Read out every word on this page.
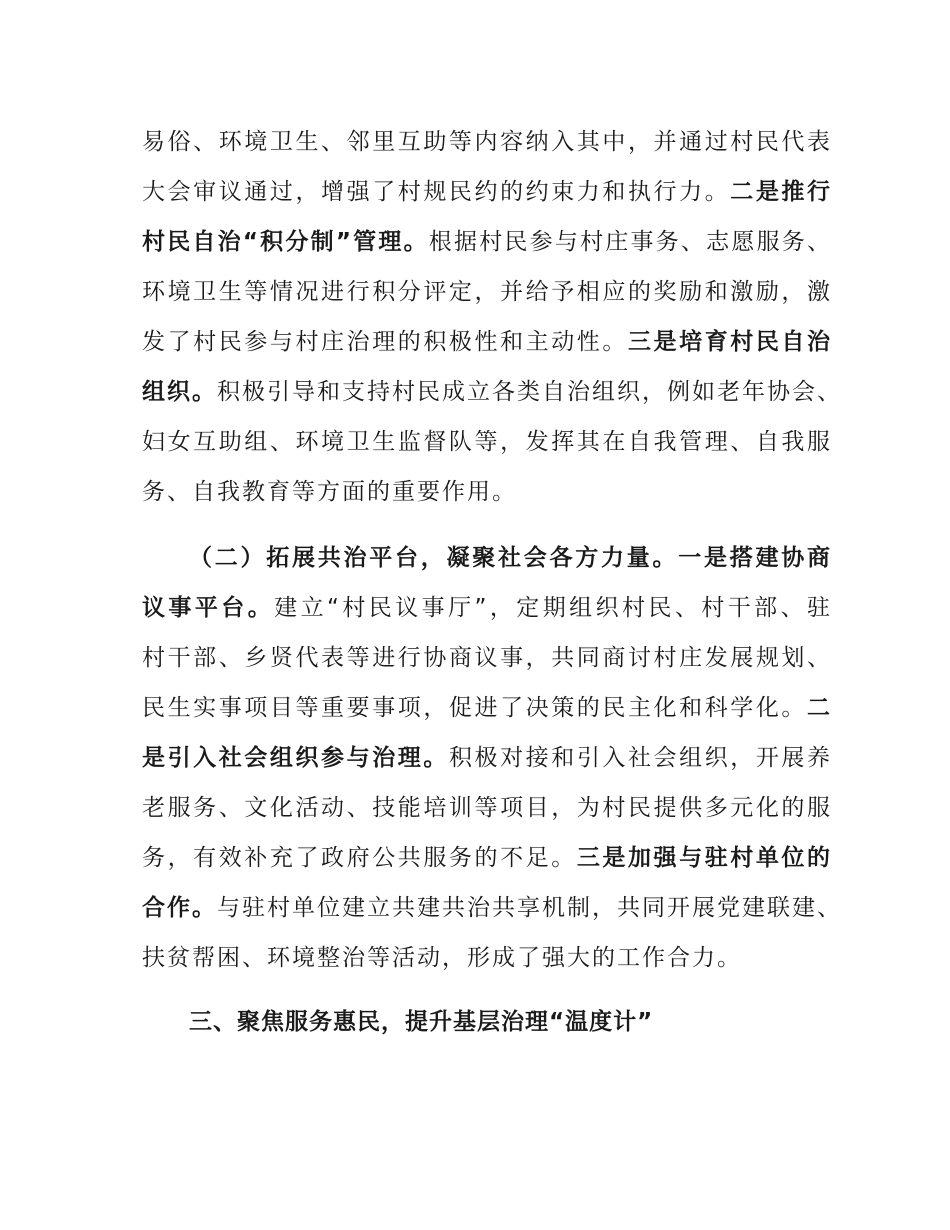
易俗、环境卫生、邻里互助等内容纳入其中，并通过村民代表
大会审议通过，增强了村规民约的约束力和执行力。二是推行
村民自治“积分制”管理。根据村民参与村庄事务、志愿服务、
环境卫生等情况进行积分评定，并给予相应的奖励和激励，激
发了村民参与村庄治理的积极性和主动性。三是培育村民自治
组织。积极引导和支持村民成立各类自治组织，例如老年协会、
妇女互助组、环境卫生监督队等，发挥其在自我管理、自我服
务、自我教育等方面的重要作用。
（二）拓展共治平台，凝聚社会各方力量。一是搭建协商
议事平台。建立“村民议事厅”，定期组织村民、村干部、驻
村干部、乡贤代表等进行协商议事，共同商讨村庄发展规划、
民生实事项目等重要事项，促进了决策的民主化和科学化。二
是引入社会组织参与治理。积极对接和引入社会组织，开展养
老服务、文化活动、技能培训等项目，为村民提供多元化的服
务，有效补充了政府公共服务的不足。三是加强与驻村单位的
合作。与驻村单位建立共建共治共享机制，共同开展党建联建、
扶贫帮困、环境整治等活动，形成了强大的工作合力。
三、聚焦服务惠民，提升基层治理“温度计”
